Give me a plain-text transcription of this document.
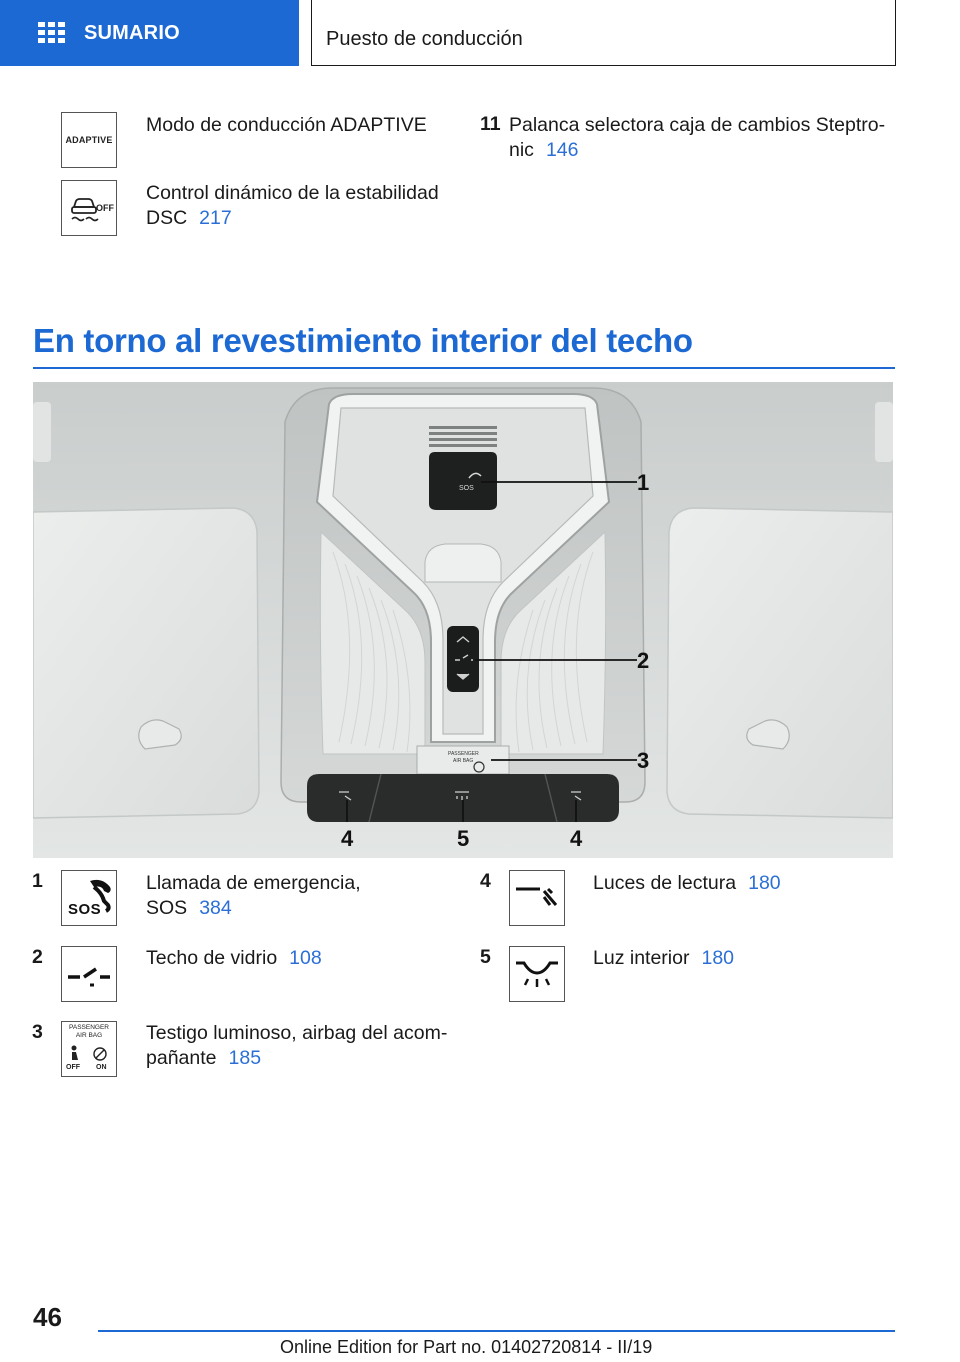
SUMARIO	Puesto de conducción
ADAPTIVE
Modo de conducción ADAPTIVE
OFF
Control dinámico de la estabilidad
DSC 217
11 Palanca selectora caja de cambios Steptro-
nic 146
En torno al revestimiento interior del techo
SOS
PASSENGER
AIR BAG
1
2
3
4	5	4
1
SOS
Llamada de emergencia,
SOS 384
2	Techo de vidrio 108
3	PASSENGER
AIR BAG
OFF ON
Testigo luminoso, airbag del acom-
pañante 185
4	Luces de lectura 180
5	Luz interior 180
46
Online Edition for Part no. 01402720814 - II/19
